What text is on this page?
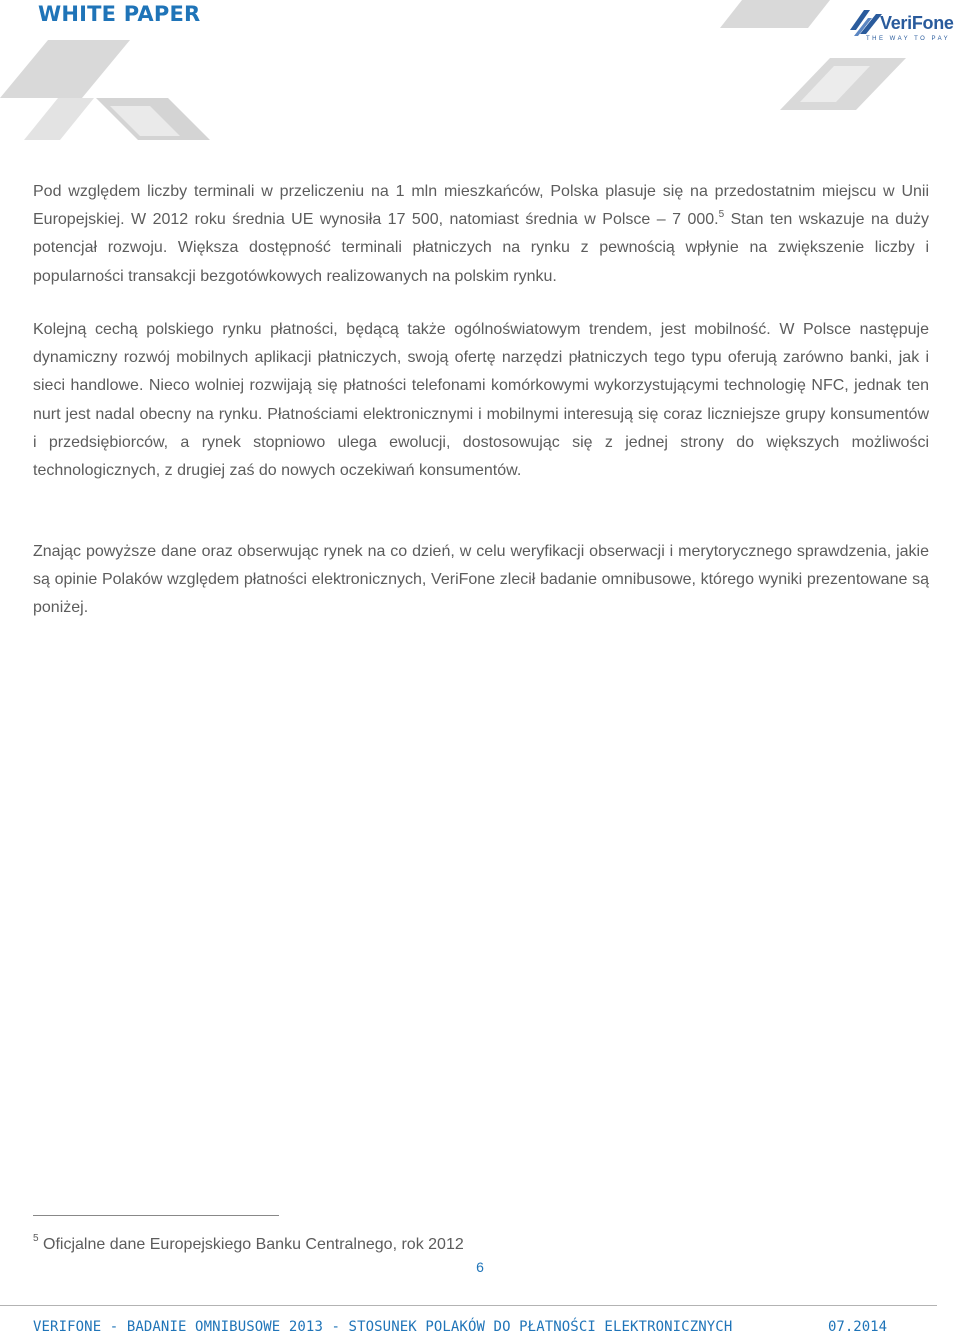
WHITE PAPER	VeriFone
THE WAY TO PAY

Pod względem liczby terminali w przeliczeniu na 1 mln mieszkańców, Polska plasuje się na przedostatnim miejscu w Unii Europejskiej. W 2012 roku średnia UE wynosiła 17 500, natomiast średnia w Polsce – 7 000.$^5$ Stan ten wskazuje na duży potencjał rozwoju. Większa dostępność terminali płatniczych na rynku z pewnością wpłynie na zwiększenie liczby i popularności transakcji bezgotówkowych realizowanych na polskim rynku.

Kolejną cechą polskiego rynku płatności, będącą także ogólnoświatowym trendem, jest mobilność. W Polsce następuje dynamiczny rozwój mobilnych aplikacji płatniczych, swoją ofertę narzędzi płatniczych tego typu oferują zarówno banki, jak i sieci handlowe. Nieco wolniej rozwijają się płatności telefonami komórkowymi wykorzystującymi technologię NFC, jednak ten nurt jest nadal obecny na rynku. Płatnościami elektronicznymi i mobilnymi interesują się coraz liczniejsze grupy konsumentów i przedsiębiorców, a rynek stopniowo ulega ewolucji, dostosowując się z jednej strony do większych możliwości technologicznych, z drugiej zaś do nowych oczekiwań konsumentów.

Znając powyższe dane oraz obserwując rynek na co dzień, w celu weryfikacji obserwacji i merytorycznego sprawdzenia, jakie są opinie Polaków względem płatności elektronicznych, VeriFone zlecił badanie omnibusowe, którego wyniki prezentowane są poniżej.

$^5$ Oficjalne dane Europejskiego Banku Centralnego, rok 2012
6
VERIFONE - BADANIE OMNIBUSOWE 2013 - STOSUNEK POLAKÓW DO PŁATNOŚCI ELEKTRONICZNYCH	07.2014
